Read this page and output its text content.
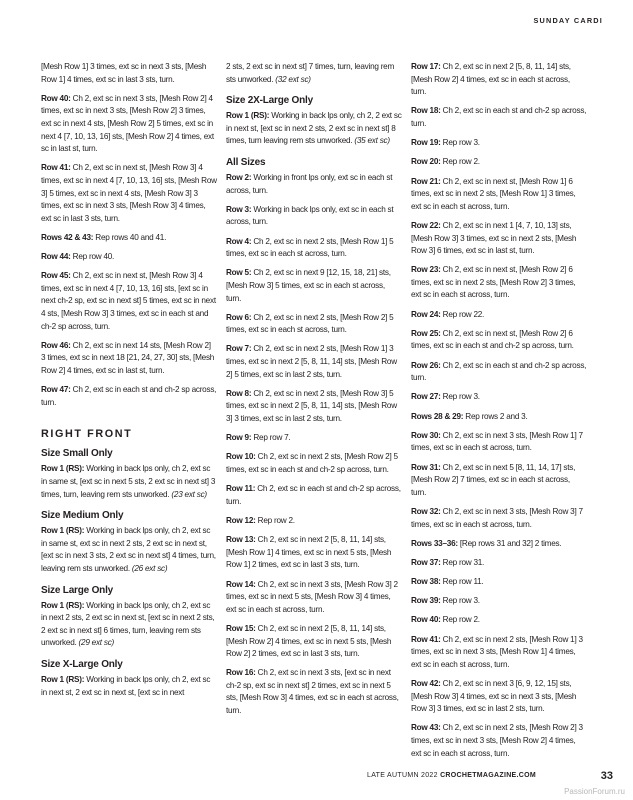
SUNDAY CARDI

[Mesh Row 1] 3 times, ext sc in next 3 sts, [Mesh Row 1] 4 times, ext sc in last 3 sts, turn.

Row 40: Ch 2, ext sc in next 3 sts, [Mesh Row 2] 4 times, ext sc in next 3 sts, [Mesh Row 2] 3 times, ext sc in next 4 sts, [Mesh Row 2] 5 times, ext sc in next 4 [7, 10, 13, 16] sts, [Mesh Row 2] 4 times, ext sc in last st, turn.

Row 41: Ch 2, ext sc in next st, [Mesh Row 3] 4 times, ext sc in next 4 [7, 10, 13, 16] sts, [Mesh Row 3] 5 times, ext sc in next 4 sts, [Mesh Row 3] 3 times, ext sc in next 3 sts, [Mesh Row 3] 4 times, ext sc in last 3 sts, turn.

Rows 42 & 43: Rep rows 40 and 41.

Row 44: Rep row 40.

Row 45: Ch 2, ext sc in next st, [Mesh Row 3] 4 times, ext sc in next 4 [7, 10, 13, 16] sts, [ext sc in next ch-2 sp, ext sc in next st] 5 times, ext sc in next 4 sts, [Mesh Row 3] 3 times, ext sc in each st and ch-2 sp across, turn.

Row 46: Ch 2, ext sc in next 14 sts, [Mesh Row 2] 3 times, ext sc in next 18 [21, 24, 27, 30] sts, [Mesh Row 2] 4 times, ext sc in last st, turn.

Row 47: Ch 2, ext sc in each st and ch-2 sp across, turn.

RIGHT FRONT
Size Small Only

Row 1 (RS): Working in back lps only, ch 2, ext sc in same st, [ext sc in next 5 sts, 2 ext sc in next st] 3 times, turn, leaving rem sts unworked. (23 ext sc)

Size Medium Only

Row 1 (RS): Working in back lps only, ch 2, ext sc in same st, ext sc in next 2 sts, 2 ext sc in next st, [ext sc in next 3 sts, 2 ext sc in next st] 4 times, turn, leaving rem sts unworked. (26 ext sc)

Size Large Only

Row 1 (RS): Working in back lps only, ch 2, ext sc in next 2 sts, 2 ext sc in next st, [ext sc in next 2 sts, 2 ext sc in next st] 6 times, turn, leaving rem sts unworked. (29 ext sc)

Size X-Large Only

Row 1 (RS): Working in back lps only, ch 2, ext sc in next st, 2 ext sc in next st, [ext sc in next

2 sts, 2 ext sc in next st] 7 times, turn, leaving rem sts unworked. (32 ext sc)

Size 2X-Large Only

Row 1 (RS): Working in back lps only, ch 2, 2 ext sc in next st, [ext sc in next 2 sts, 2 ext sc in next st] 8 times, turn leaving rem sts unworked. (35 ext sc)

All Sizes

Row 2: Working in front lps only, ext sc in each st across, turn.

Row 3: Working in back lps only, ext sc in each st across, turn.

Row 4: Ch 2, ext sc in next 2 sts, [Mesh Row 1] 5 times, ext sc in each st across, turn.

Row 5: Ch 2, ext sc in next 9 [12, 15, 18, 21] sts, [Mesh Row 3] 5 times, ext sc in each st across, turn.

Row 6: Ch 2, ext sc in next 2 sts, [Mesh Row 2] 5 times, ext sc in each st across, turn.

Row 7: Ch 2, ext sc in next 2 sts, [Mesh Row 1] 3 times, ext sc in next 2 [5, 8, 11, 14] sts, [Mesh Row 2] 5 times, ext sc in last 2 sts, turn.

Row 8: Ch 2, ext sc in next 2 sts, [Mesh Row 3] 5 times, ext sc in next 2 [5, 8, 11, 14] sts, [Mesh Row 3] 3 times, ext sc in last 2 sts, turn.

Row 9: Rep row 7.

Row 10: Ch 2, ext sc in next 2 sts, [Mesh Row 2] 5 times, ext sc in each st and ch-2 sp across, turn.

Row 11: Ch 2, ext sc in each st and ch-2 sp across, turn.

Row 12: Rep row 2.

Row 13: Ch 2, ext sc in next 2 [5, 8, 11, 14] sts, [Mesh Row 1] 4 times, ext sc in next 5 sts, [Mesh Row 1] 2 times, ext sc in last 3 sts, turn.

Row 14: Ch 2, ext sc in next 3 sts, [Mesh Row 3] 2 times, ext sc in next 5 sts, [Mesh Row 3] 4 times, ext sc in each st across, turn.

Row 15: Ch 2, ext sc in next 2 [5, 8, 11, 14] sts, [Mesh Row 2] 4 times, ext sc in next 5 sts, [Mesh Row 2] 2 times, ext sc in last 3 sts, turn.

Row 16: Ch 2, ext sc in next 3 sts, [ext sc in next ch-2 sp, ext sc in next st] 2 times, ext sc in next 5 sts, [Mesh Row 3] 4 times, ext sc in each st across, turn.

Row 17: Ch 2, ext sc in next 2 [5, 8, 11, 14] sts, [Mesh Row 2] 4 times, ext sc in each st across, turn.

Row 18: Ch 2, ext sc in each st and ch-2 sp across, turn.

Row 19: Rep row 3.

Row 20: Rep row 2.

Row 21: Ch 2, ext sc in next st, [Mesh Row 1] 6 times, ext sc in next 2 sts, [Mesh Row 1] 3 times, ext sc in each st across, turn.

Row 22: Ch 2, ext sc in next 1 [4, 7, 10, 13] sts, [Mesh Row 3] 3 times, ext sc in next 2 sts, [Mesh Row 3] 6 times, ext sc in last st, turn.

Row 23: Ch 2, ext sc in next st, [Mesh Row 2] 6 times, ext sc in next 2 sts, [Mesh Row 2] 3 times, ext sc in each st across, turn.

Row 24: Rep row 22.

Row 25: Ch 2, ext sc in next st, [Mesh Row 2] 6 times, ext sc in each st and ch-2 sp across, turn.

Row 26: Ch 2, ext sc in each st and ch-2 sp across, turn.

Row 27: Rep row 3.

Rows 28 & 29: Rep rows 2 and 3.

Row 30: Ch 2, ext sc in next 3 sts, [Mesh Row 1] 7 times, ext sc in each st across, turn.

Row 31: Ch 2, ext sc in next 5 [8, 11, 14, 17] sts, [Mesh Row 2] 7 times, ext sc in each st across, turn.

Row 32: Ch 2, ext sc in next 3 sts, [Mesh Row 3] 7 times, ext sc in each st across, turn.

Rows 33–36: [Rep rows 31 and 32] 2 times.

Row 37: Rep row 31.

Row 38: Rep row 11.

Row 39: Rep row 3.

Row 40: Rep row 2.

Row 41: Ch 2, ext sc in next 2 sts, [Mesh Row 1] 3 times, ext sc in next 3 sts, [Mesh Row 1] 4 times, ext sc in each st across, turn.

Row 42: Ch 2, ext sc in next 3 [6, 9, 12, 15] sts, [Mesh Row 3] 4 times, ext sc in next 3 sts, [Mesh Row 3] 3 times, ext sc in last 2 sts, turn.

Row 43: Ch 2, ext sc in next 2 sts, [Mesh Row 2] 3 times, ext sc in next 3 sts, [Mesh Row 2] 4 times, ext sc in each st across, turn.

LATE AUTUMN 2022 CROCHETMAGAZINE.COM	33
PassionForum.ru
